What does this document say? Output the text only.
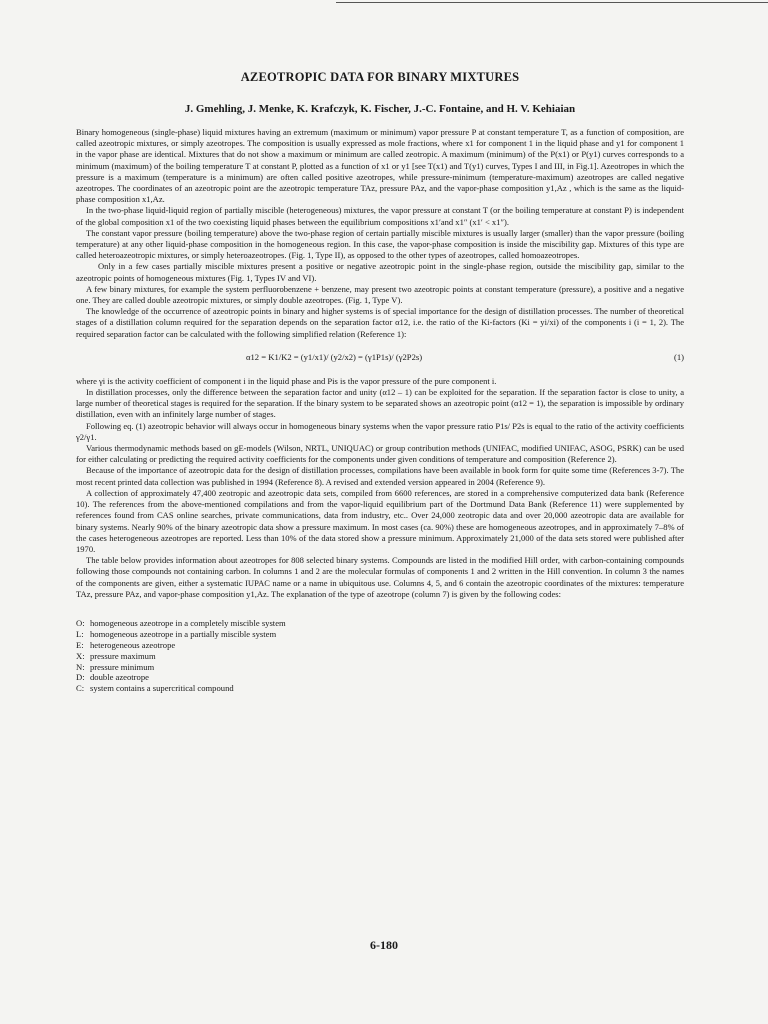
AZEOTROPIC DATA FOR BINARY MIXTURES
J. Gmehling, J. Menke, K. Krafczyk, K. Fischer, J.-C. Fontaine, and H. V. Kehiaian

Binary homogeneous (single-phase) liquid mixtures having an extremum (maximum or minimum) vapor pressure P at constant temperature T, as a function of composition, are called azeotropic mixtures, or simply azeotropes. The composition is usually expressed as mole fractions, where x1 for component 1 in the liquid phase and y1 for component 1 in the vapor phase are identical. Mixtures that do not show a maximum or minimum are called zeotropic. A maximum (minimum) of the P(x1) or P(y1) curves corresponds to a minimum (maximum) of the boiling temperature T at constant P, plotted as a function of x1 or y1 [see T(x1) and T(y1) curves, Types I and III, in Fig.1]. Azeotropes in which the pressure is a maximum (temperature is a minimum) are often called positive azeotropes, while pressure-minimum (temperature-maximum) azeotropes are called negative azeotropes. The coordinates of an azeotropic point are the azeotropic temperature TAz, pressure PAz, and the vapor-phase composition y1,Az , which is the same as the liquid-phase composition x1,Az.

In the two-phase liquid-liquid region of partially miscible (heterogeneous) mixtures, the vapor pressure at constant T (or the boiling temperature at constant P) is independent of the global composition x1 of the two coexisting liquid phases between the equilibrium compositions x1′and x1″ (x1′ < x1″).

The constant vapor pressure (boiling temperature) above the two-phase region of certain partially miscible mixtures is usually larger (smaller) than the vapor pressure (boiling temperature) at any other liquid-phase composition in the homogeneous region. In this case, the vapor-phase composition is inside the miscibility gap. Mixtures of this type are called heteroazeotropic mixtures, or simply heteroazeotropes. (Fig. 1, Type II), as opposed to the other types of azeotropes, called homoazeotropes.

Only in a few cases partially miscible mixtures present a positive or negative azeotropic point in the single-phase region, outside the miscibility gap, similar to the azeotropic points of homogeneous mixtures (Fig. 1, Types IV and VI).

A few binary mixtures, for example the system perfluorobenzene + benzene, may present two azeotropic points at constant temperature (pressure), a positive and a negative one. They are called double azeotropic mixtures, or simply double azeotropes. (Fig. 1, Type V).

The knowledge of the occurrence of azeotropic points in binary and higher systems is of special importance for the design of distillation processes. The number of theoretical stages of a distillation column required for the separation depends on the separation factor α12, i.e. the ratio of the Ki-factors (Ki = yi/xi) of the components i (i = 1, 2). The required separation factor can be calculated with the following simplified relation (Reference 1):

α12 = K1/K2 = (y1/x1)/ (y2/x2) = (γ1P1s)/ (γ2P2s)	(1)

where γi is the activity coefficient of component i in the liquid phase and Pis is the vapor pressure of the pure component i.

In distillation processes, only the difference between the separation factor and unity (α12 – 1) can be exploited for the separation. If the separation factor is close to unity, a large number of theoretical stages is required for the separation. If the binary system to be separated shows an azeotropic point (α12 = 1), the separation is impossible by ordinary distillation, even with an infinitely large number of stages.

Following eq. (1) azeotropic behavior will always occur in homogeneous binary systems when the vapor pressure ratio P1s/ P2s is equal to the ratio of the activity coefficients γ2/γ1.

Various thermodynamic methods based on gE-models (Wilson, NRTL, UNIQUAC) or group contribution methods (UNIFAC, modified UNIFAC, ASOG, PSRK) can be used for either calculating or predicting the required activity coefficients for the components under given conditions of temperature and composition (Reference 2).

Because of the importance of azeotropic data for the design of distillation processes, compilations have been available in book form for quite some time (References 3-7). The most recent printed data collection was published in 1994 (Reference 8). A revised and extended version appeared in 2004 (Reference 9).

A collection of approximately 47,400 zeotropic and azeotropic data sets, compiled from 6600 references, are stored in a comprehensive computerized data bank (Reference 10). The references from the above-mentioned compilations and from the vapor-liquid equilibrium part of the Dortmund Data Bank (Reference 11) were supplemented by references found from CAS online searches, private communications, data from industry, etc.. Over 24,000 zeotropic data and over 20,000 azeotropic data are available for binary systems. Nearly 90% of the binary azeotropic data show a pressure maximum. In most cases (ca. 90%) these are homogeneous azeotropes, and in approximately 7–8% of the cases heterogeneous azeotropes are reported. Less than 10% of the data stored show a pressure minimum. Approximately 21,000 of the data sets stored were published after 1970.

The table below provides information about azeotropes for 808 selected binary systems. Compounds are listed in the modified Hill order, with carbon-containing compounds following those compounds not containing carbon. In columns 1 and 2 are the molecular formulas of components 1 and 2 written in the Hill convention. In column 3 the names of the components are given, either a systematic IUPAC name or a name in ubiquitous use. Columns 4, 5, and 6 contain the azeotropic coordinates of the mixtures: temperature TAz, pressure PAz, and vapor-phase composition y1,Az. The explanation of the type of azeotrope (column 7) is given by the following codes:

O: homogeneous azeotrope in a completely miscible system
L: homogeneous azeotrope in a partially miscible system
E: heterogeneous azeotrope
X: pressure maximum
N: pressure minimum
D: double azeotrope
C: system contains a supercritical compound
6-180
